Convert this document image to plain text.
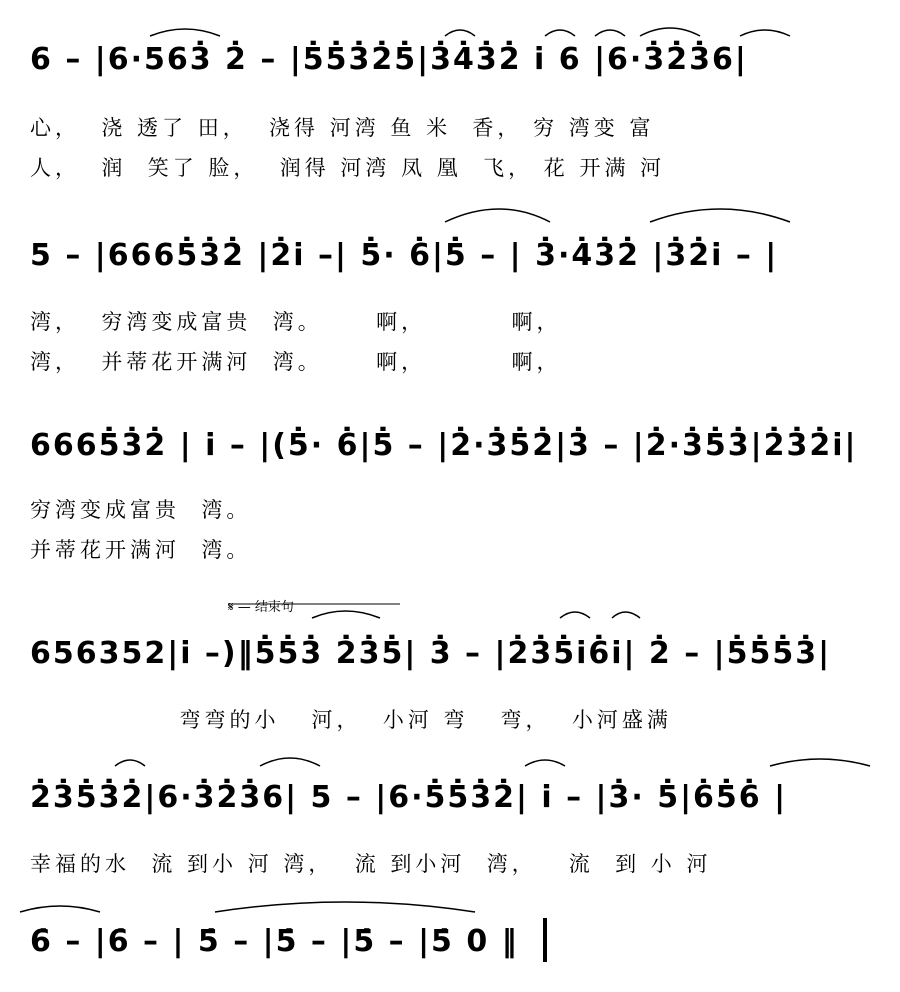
6 – |6·563̇ 2̇ – |5̇5̇3̇2̇5̇|3̇4̇3̇2̇ i 6 |6·3̇2̇3̇6|
心，  浇 透了 田，  浇得 河湾 鱼 米  香， 穷 湾变 富
人，  润  笑了 脸，  润得 河湾 凤 凰  飞， 花 开满 河
5 – |6665̇3̇2̇ |2̇i –| 5̇· 6̇|5̇ – | 3̇·4̇3̇2̇ |3̇2̇i – |
湾，  穷湾变成富贵  湾。     啊，        啊，
湾，  并蒂花开满河  湾。     啊，        啊，
6665̇3̇2̇ | i – |(5̇· 6̇|5̇ – |2̇·3̇5̇2̇|3̇ – |2̇·3̇5̇3̇|2̇3̇2̇i|
穷湾变成富贵  湾。
并蒂花开满河  湾。
𝄋 — 结束句
656352|i –)‖5̇5̇3̇ 2̇3̇5̇| 3̇ – |2̇3̇5̇i6̇i| 2̇ – |5̇5̇5̇3̇|
弯弯的小   河，  小河 弯   弯，  小河盛满
2̇3̇5̇3̇2̇|6·3̇2̇3̇6| 5 – |6·5̇5̇3̇2̇| i – |3̇· 5̇|6̇5̇6̇ |
幸福的水  流 到小 河 湾，  流 到小河  湾，   流  到 小 河
6̇ – |6̇ – | 5̇ – |5̇ – |5̇ – |5̇ 0 ‖
